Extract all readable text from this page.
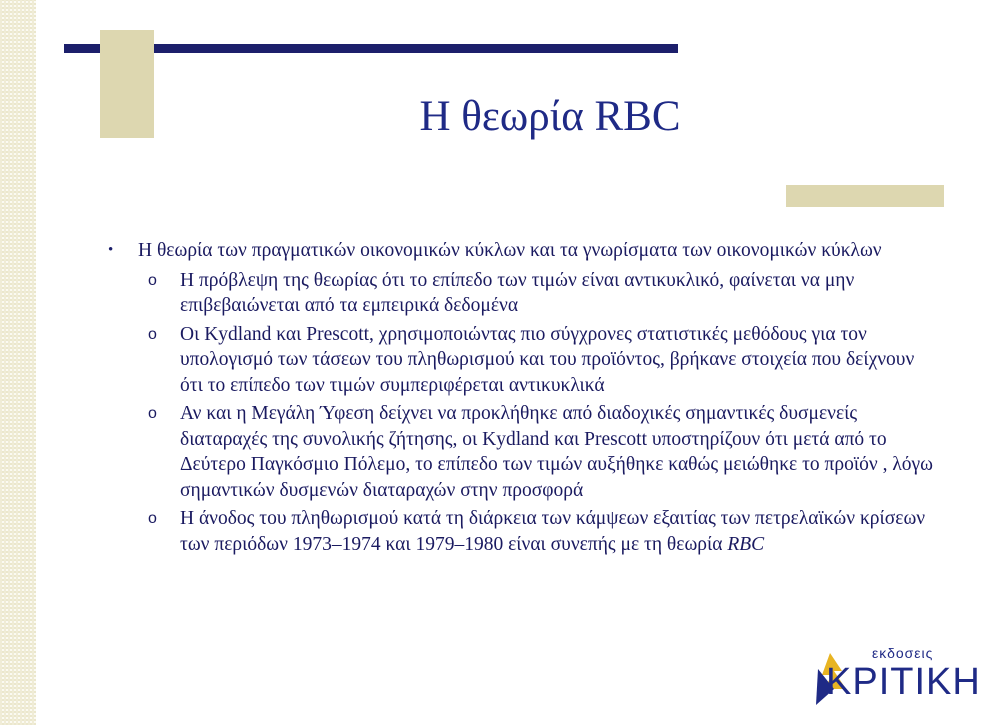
Η θεωρία RBC
•	Η θεωρία των πραγματικών οικονομικών κύκλων και τα γνωρίσματα των οικονομικών κύκλων
o	Η πρόβλεψη της θεωρίας ότι το επίπεδο των τιμών είναι αντικυκλικό, φαίνεται να μην επιβεβαιώνεται από τα εμπειρικά δεδομένα
o	Οι Kydland και Prescott, χρησιμοποιώντας πιο σύγχρονες στατιστικές μεθόδους για τον υπολογισμό των τάσεων του πληθωρισμού και του προϊόντος, βρήκανε στοιχεία που δείχνουν ότι το επίπεδο των τιμών συμπεριφέρεται αντικυκλικά
o	Αν και η Μεγάλη Ύφεση δείχνει να προκλήθηκε από διαδοχικές σημαντικές δυσμενείς διαταραχές της συνολικής ζήτησης, οι Kydland και Prescott υποστηρίζουν ότι μετά από το Δεύτερο Παγκόσμιο Πόλεμο, το επίπεδο των τιμών αυξήθηκε καθώς μειώθηκε το προϊόν , λόγω σημαντικών δυσμενών διαταραχών στην προσφορά
o	Η άνοδος του πληθωρισμού κατά τη διάρκεια των κάμψεων εξαιτίας των πετρελαϊκών κρίσεων των περιόδων 1973–1974 και 1979–1980 είναι συνεπής με τη θεωρία RBC
εκδοσεις
ΚΡΙΤΙΚΗ
